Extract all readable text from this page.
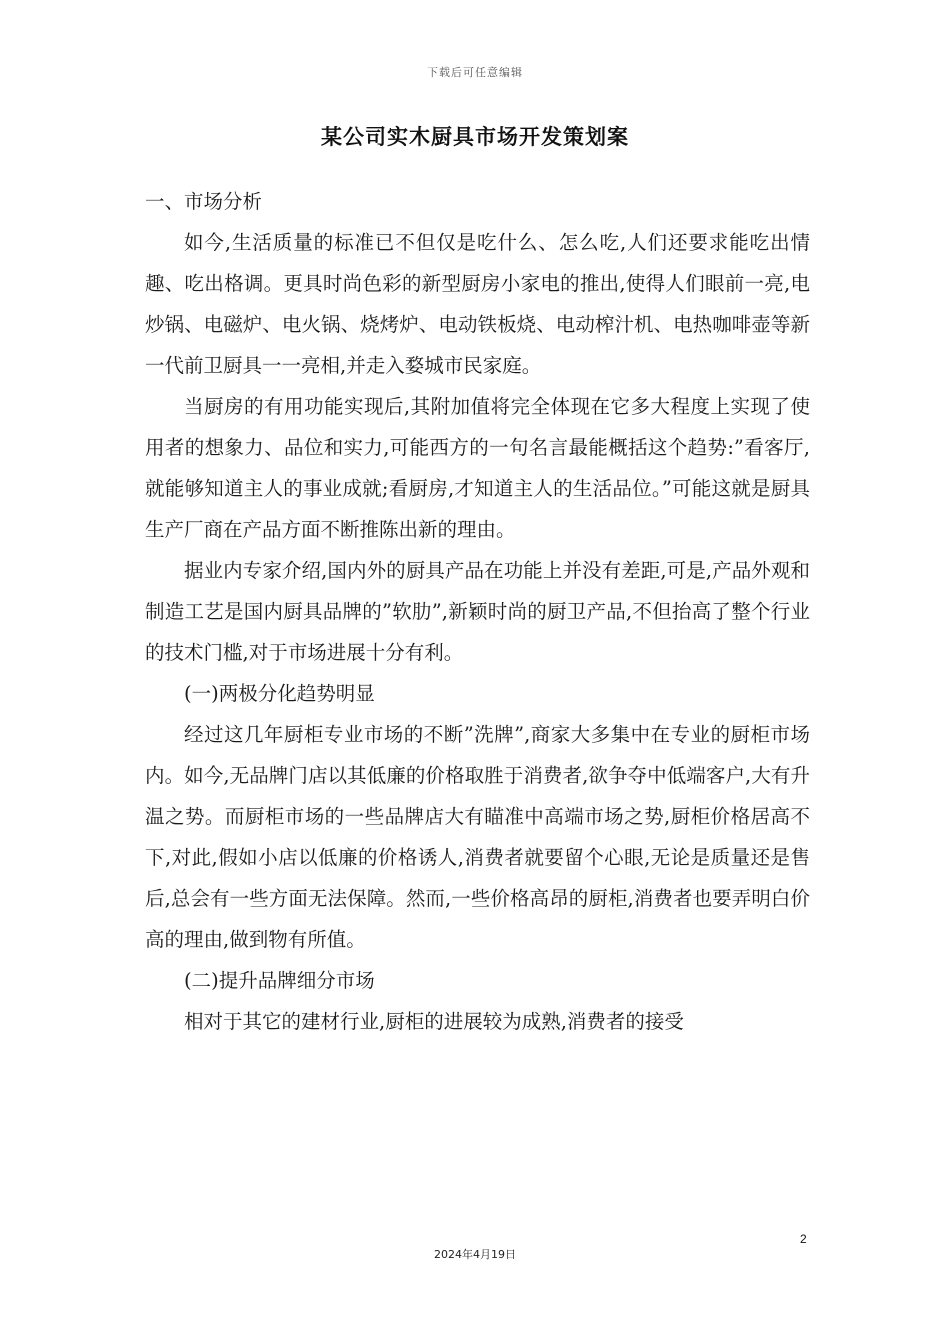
下载后可任意编辑
某公司实木厨具市场开发策划案

一、市场分析

如今,生活质量的标准已不但仅是吃什么、怎么吃,人们还要求能吃出情趣、吃出格调。更具时尚色彩的新型厨房小家电的推出,使得人们眼前一亮,电炒锅、电磁炉、电火锅、烧烤炉、电动铁板烧、电动榨汁机、电热咖啡壶等新一代前卫厨具一一亮相,并走入婺城市民家庭。

当厨房的有用功能实现后,其附加值将完全体现在它多大程度上实现了使用者的想象力、品位和实力,可能西方的一句名言最能概括这个趋势:”看客厅,就能够知道主人的事业成就;看厨房,才知道主人的生活品位。”可能这就是厨具生产厂商在产品方面不断推陈出新的理由。

据业内专家介绍,国内外的厨具产品在功能上并没有差距,可是,产品外观和制造工艺是国内厨具品牌的”软肋”,新颖时尚的厨卫产品,不但抬高了整个行业的技术门槛,对于市场进展十分有利。

(一)两极分化趋势明显

经过这几年厨柜专业市场的不断”洗牌”,商家大多集中在专业的厨柜市场内。如今,无品牌门店以其低廉的价格取胜于消费者,欲争夺中低端客户,大有升温之势。而厨柜市场的一些品牌店大有瞄准中高端市场之势,厨柜价格居高不下,对此,假如小店以低廉的价格诱人,消费者就要留个心眼,无论是质量还是售后,总会有一些方面无法保障。然而,一些价格高昂的厨柜,消费者也要弄明白价高的理由,做到物有所值。

(二)提升品牌细分市场

相对于其它的建材行业,厨柜的进展较为成熟,消费者的接受

2
2024年4月19日
